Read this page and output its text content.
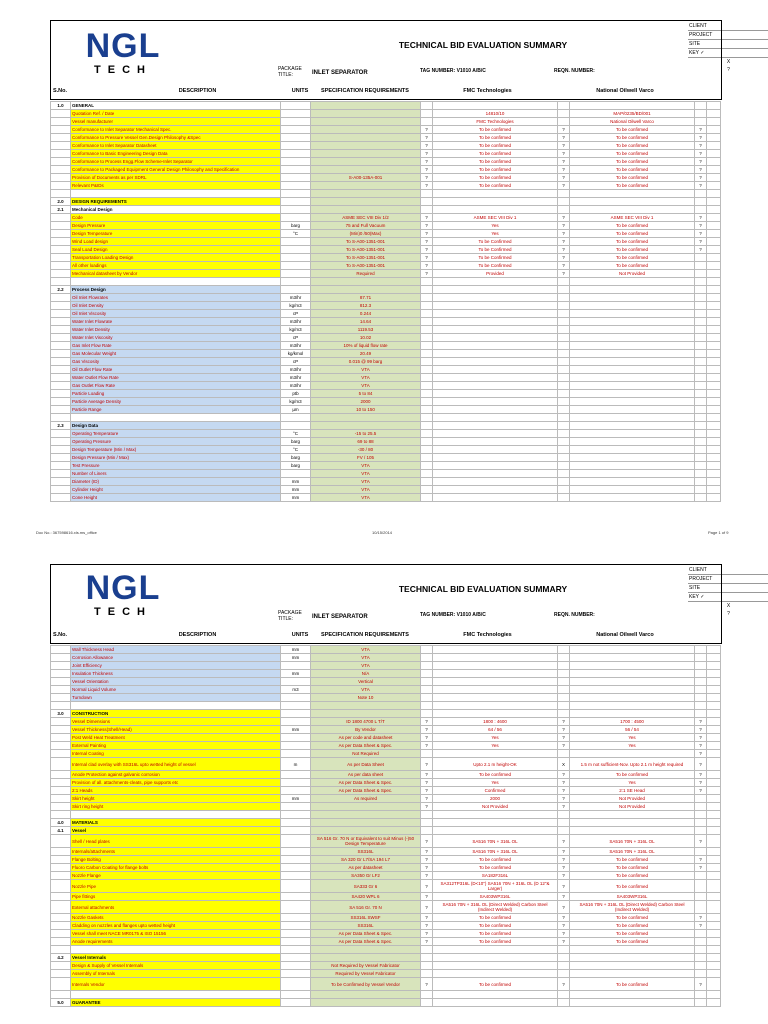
NGL
TECH
TECHNICAL BID EVALUATION SUMMARY
CLIENT
PROJECT
SITE
KEY ✓
X
?
PACKAGE TITLE:	INLET SEPARATOR	TAG NUMBER: V1010 A/B/C	REQN. NUMBER:
S.No.	DESCRIPTION	UNITS	SPECIFICATION REQUIREMENTS	FMC Technologies	National Oilwell Varco
1.0	GENERAL								
	Quotation Ref. / Date				14810/10		MAP/0235/BD/001		
	Vessel manufacturer				FMC Technologies		National Oilwell Varco		
	Conformance to Inlet Separator Mechanical Spec.			?	To be confirmed	?	To be confirmed	?	
	Conformance to Pressure Vessel Gen.Design Philosophy &Spec			?	To be confirmed	?	To be confirmed	?	
	Conformance to Inlet Separator Datasheet			?	To be confirmed	?	To be confirmed	?	
	Conformance to Basic Engineering Design Data			?	To be confirmed	?	To be confirmed	?	
	Conformance to Process Engg.Flow Scheme-Inlet Separator			?	To be confirmed	?	To be confirmed	?	
	Conformance to Packaged Equipment General Design Philosophy and Specification			?	To be confirmed	?	To be confirmed	?	
	Provision of Documents as per SDRL		S-A00-135A-001	?	To be confirmed	?	To be confirmed	?	
	Relevant P&IDs			?	To be confirmed	?	To be confirmed	?	

2.0	DESIGN REQUIREMENTS								
2.1	Mechanical Design								
	Code		ASME SEC VIII Div 1/2	?	ASME SEC VIII Div 1	?	ASME SEC VIII Div 1	?	
	Design Pressure	barg	75 and Full Vacuum	?	Yes	?	To be confirmed	?	
	Design Temperature	°C	(Min)0 /50(Max)	?	Yes	?	To be confirmed	?	
	Wind Load design		To S-A00-1351-001	?	To be Confirmed	?	To be confirmed	?	
	Seal Load Design		To S-A00-1351-001	?	To be Confirmed	?	To be confirmed	?	
	Transportation Loading Design		To S-A00-1351-001	?	To be Confirmed	?	To be confirmed		
	All other loadings		To S-A00-1351-001	?	To be Confirmed	?	To be confirmed		
	Mechanical datasheet by Vendor		Required	?	Provided	?	Not Provided		

2.2	Process Design								
	Oil Inlet Flowrates	m3/hr	87.71						
	Oil Inlet Density	kg/m3	812.3						
	Oil Inlet Viscosity	cP	0.244						
	Water Inlet Flowrate	m3/hr	14.64						
	Water Inlet Density	kg/m3	1119.53						
	Water Inlet Viscosity	cP	10.02						
	Gas Inlet Flow Rate	m3/hr	10% of liquid flow rate						
	Gas Molecular Weight	kg/kmol	20.49						
	Gas Viscosity	cP	0.015 @ 99 barg						
	Oil Outlet Flow Rate	m3/hr	VTA						
	Water Outlet Flow Rate	m3/hr	VTA						
	Gas Outlet Flow Rate	m3/hr	VTA						
	Particle Loading	ptb	5 to 84						
	Particle Average Density	kg/m3	2000						
	Particle Range	µm	10 to 150						

2.3	Design Data								
	Operating Temperature	°C	-15 to 25.5						
	Operating Pressure	barg	69 to 88						
	Design Temperature (Min / Max)	°C	-30 / 80						
	Design Pressure (Min / Max)	barg	FV / 105						
	Test Pressure	barg	VTA						
	Number of Liners		VTA						
	Diameter (ID)	mm	VTA						
	Cylinder Height	mm	VTA						
	Cone Height	mm	VTA						
Doc No.: 367598616.xls.ms_office	10/15/2014	Page 1 of 9
NGL
TECH
TECHNICAL BID EVALUATION SUMMARY
CLIENT
PROJECT
SITE
KEY ✓
X
?
PACKAGE TITLE:	INLET SEPARATOR	TAG NUMBER: V1010 A/B/C	REQN. NUMBER:
S.No.	DESCRIPTION	UNITS	SPECIFICATION REQUIREMENTS	FMC Technologies	National Oilwell Varco
	Wall Thickness Head	mm	VTA						
	Corrosion Allowance	mm	VTA						
	Joint Efficiency		VTA						
	Insulation Thickness	mm	N/A						
	Vessel Orientation		Vertical						
	Normal Liquid Volume	m3	VTA						
	Turndown		Note 10						

3.0	CONSTRUCTION								
	Vessel Dimensions		ID 1800 4700 L T/T	?	1800 : 4600	?	1700 : 4500	?	
	Vessel Thickness(Shell/Head)	mm	By Vendor	?	64 / 56	?	56 / 54	?	
	Post Weld Heat Treatment		As per code and datasheet	?	Yes	?	Yes	?	
	External Painting		As per Data Sheet & Spec.	?	Yes	?	Yes	?	
	Internal Coating		Not Required					?	
	Internal clad overlay with SS316L upto wetted height of vessel	m	As per Data Sheet	?	Upto 2.1 m height-OK	X	1.5 m not sufficient-Nov. Upto 2.1 m height required	?	
	Anode Protection against galvanic corrosion		As per data sheet	?	To be confirmed	?	To be confirmed	?	
	Provision of all. attachments-cleats, pipe supports etc		As per Data Sheet & Spec.	?	Yes	?	Yes	?	
	2:1 Heads		As per Data Sheet & Spec.	?	Confirmed	?	2:1 SE Head	?	
	Skirt height	mm	As required	?	2000	?	Not Provided		
	Skirt ring height			?	Not Provided	?	Not Provided		

4.0	MATERIALS								
4.1	Vessel								
	Shell / Head plates		SA 516 Gr. 70 N or Equivalent to suit Minus (-)50 Design Temperature	?	SA516 70N + 316L OL	?	SA516 70N + 316L OL	?	
	Internals/attachments		SS316L	?	SA516 70N + 316L OL	?	SA516 70N + 316L OL		
	Flange Bolting		SA 320 Gr L7/SA 194 L7	?	To be confirmed	?	To be confirmed	?	
	Fluoro Carbon Coating for flange bolts		As per datasheet	?	To be confirmed	?	To be confirmed	?	
	Nozzle Flange		SA350 Gr LF2	?	SA182F316L	?	To be confirmed		
	Nozzle Pipe		SA333 Gr 6	?	SA312TP316L (D<10") SA516 70N + 316L OL (D 12"& Larger)	?	To be confirmed		
	Pipe fittings		SA420 WPL 6	?	SA403WP316L	?	SA403WP316L		
	External attachments		SA 516 Gr. 70 N	?	SA516 70N + 316L OL (Direct Welded) Carbon Steel (Indirect Welded)	?	SA516 70N + 316L OL (Direct Welded) Carbon Steel (Indirect Welded)		
	Nozzle Gaskets		SS316L SWSF	?	To be confirmed	?	To be confirmed	?	
	Cladding on nozzles and flanges upto wetted height		SS316L	?	To be confirmed	?	To be confirmed	?	
	Vessel shall meet NACE MR0175 & ISO 15156		As per Data Sheet & Spec.	?	To be confirmed	?	To be confirmed		
	Anode requirements		As per Data Sheet & Spec.	?	To be confirmed	?	To be confirmed		

4.2	Vessel Internals								
	Design & Supply of Vessel Internals		Not Required by Vessel Fabricator						
	Assembly of Internals		Required by Vessel Fabricator						
	Internals Vendor		To be Confirmed by Vessel Vendor	?	To be confirmed	?	To be confirmed	?	

5.0	GUARANTEE								
